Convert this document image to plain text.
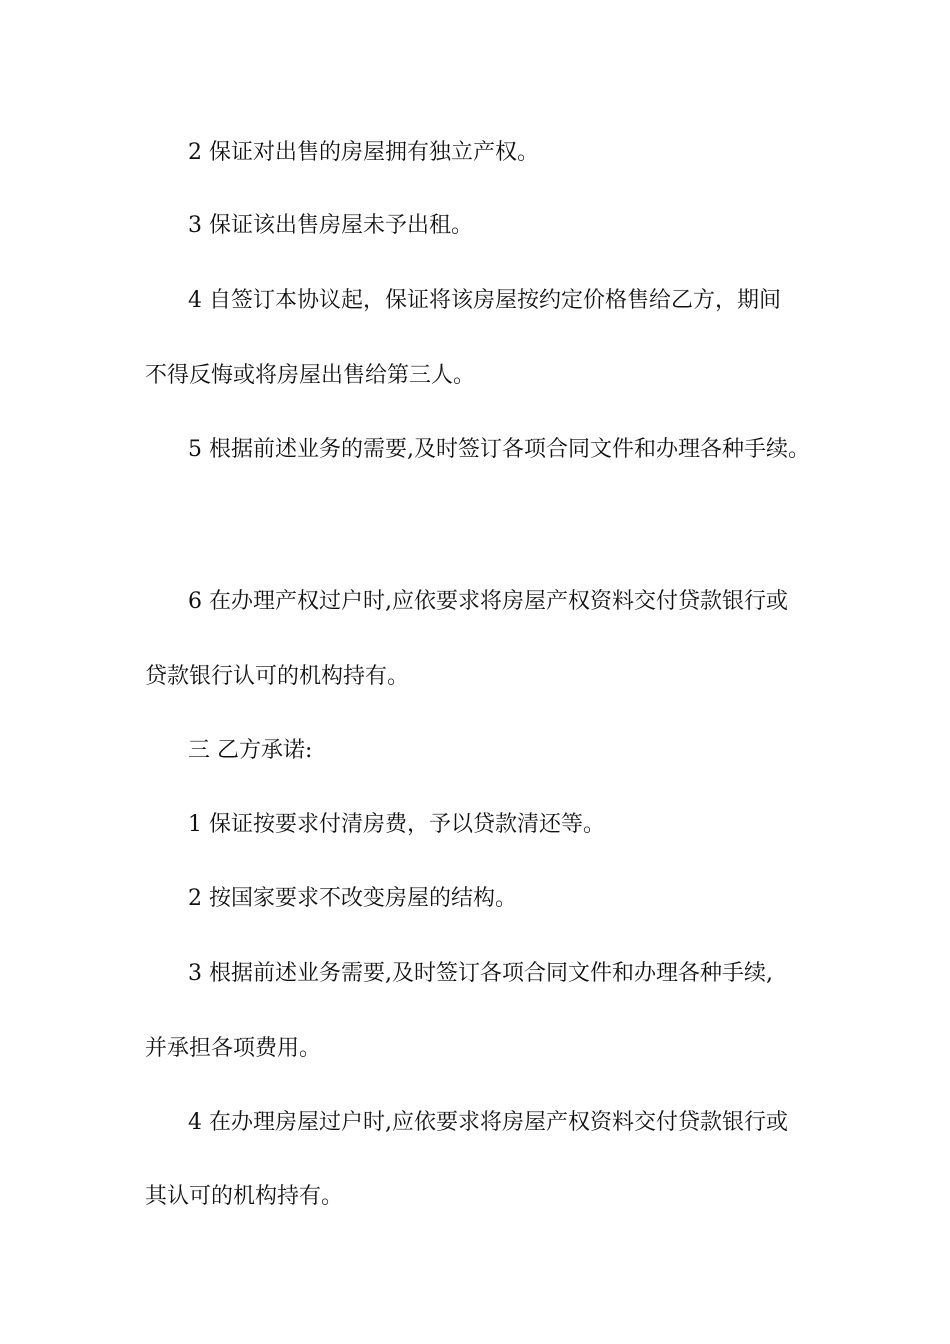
2 保证对出售的房屋拥有独立产权。
3 保证该出售房屋未予出租。
4 自签订本协议起，保证将该房屋按约定价格售给乙方，期间
不得反悔或将房屋出售给第三人。
5 根据前述业务的需要,及时签订各项合同文件和办理各种手续。
6 在办理产权过户时,应依要求将房屋产权资料交付贷款银行或
贷款银行认可的机构持有。
三 乙方承诺:
1 保证按要求付清房费，予以贷款清还等。
2 按国家要求不改变房屋的结构。
3 根据前述业务需要,及时签订各项合同文件和办理各种手续,
并承担各项费用。
4 在办理房屋过户时,应依要求将房屋产权资料交付贷款银行或
其认可的机构持有。
